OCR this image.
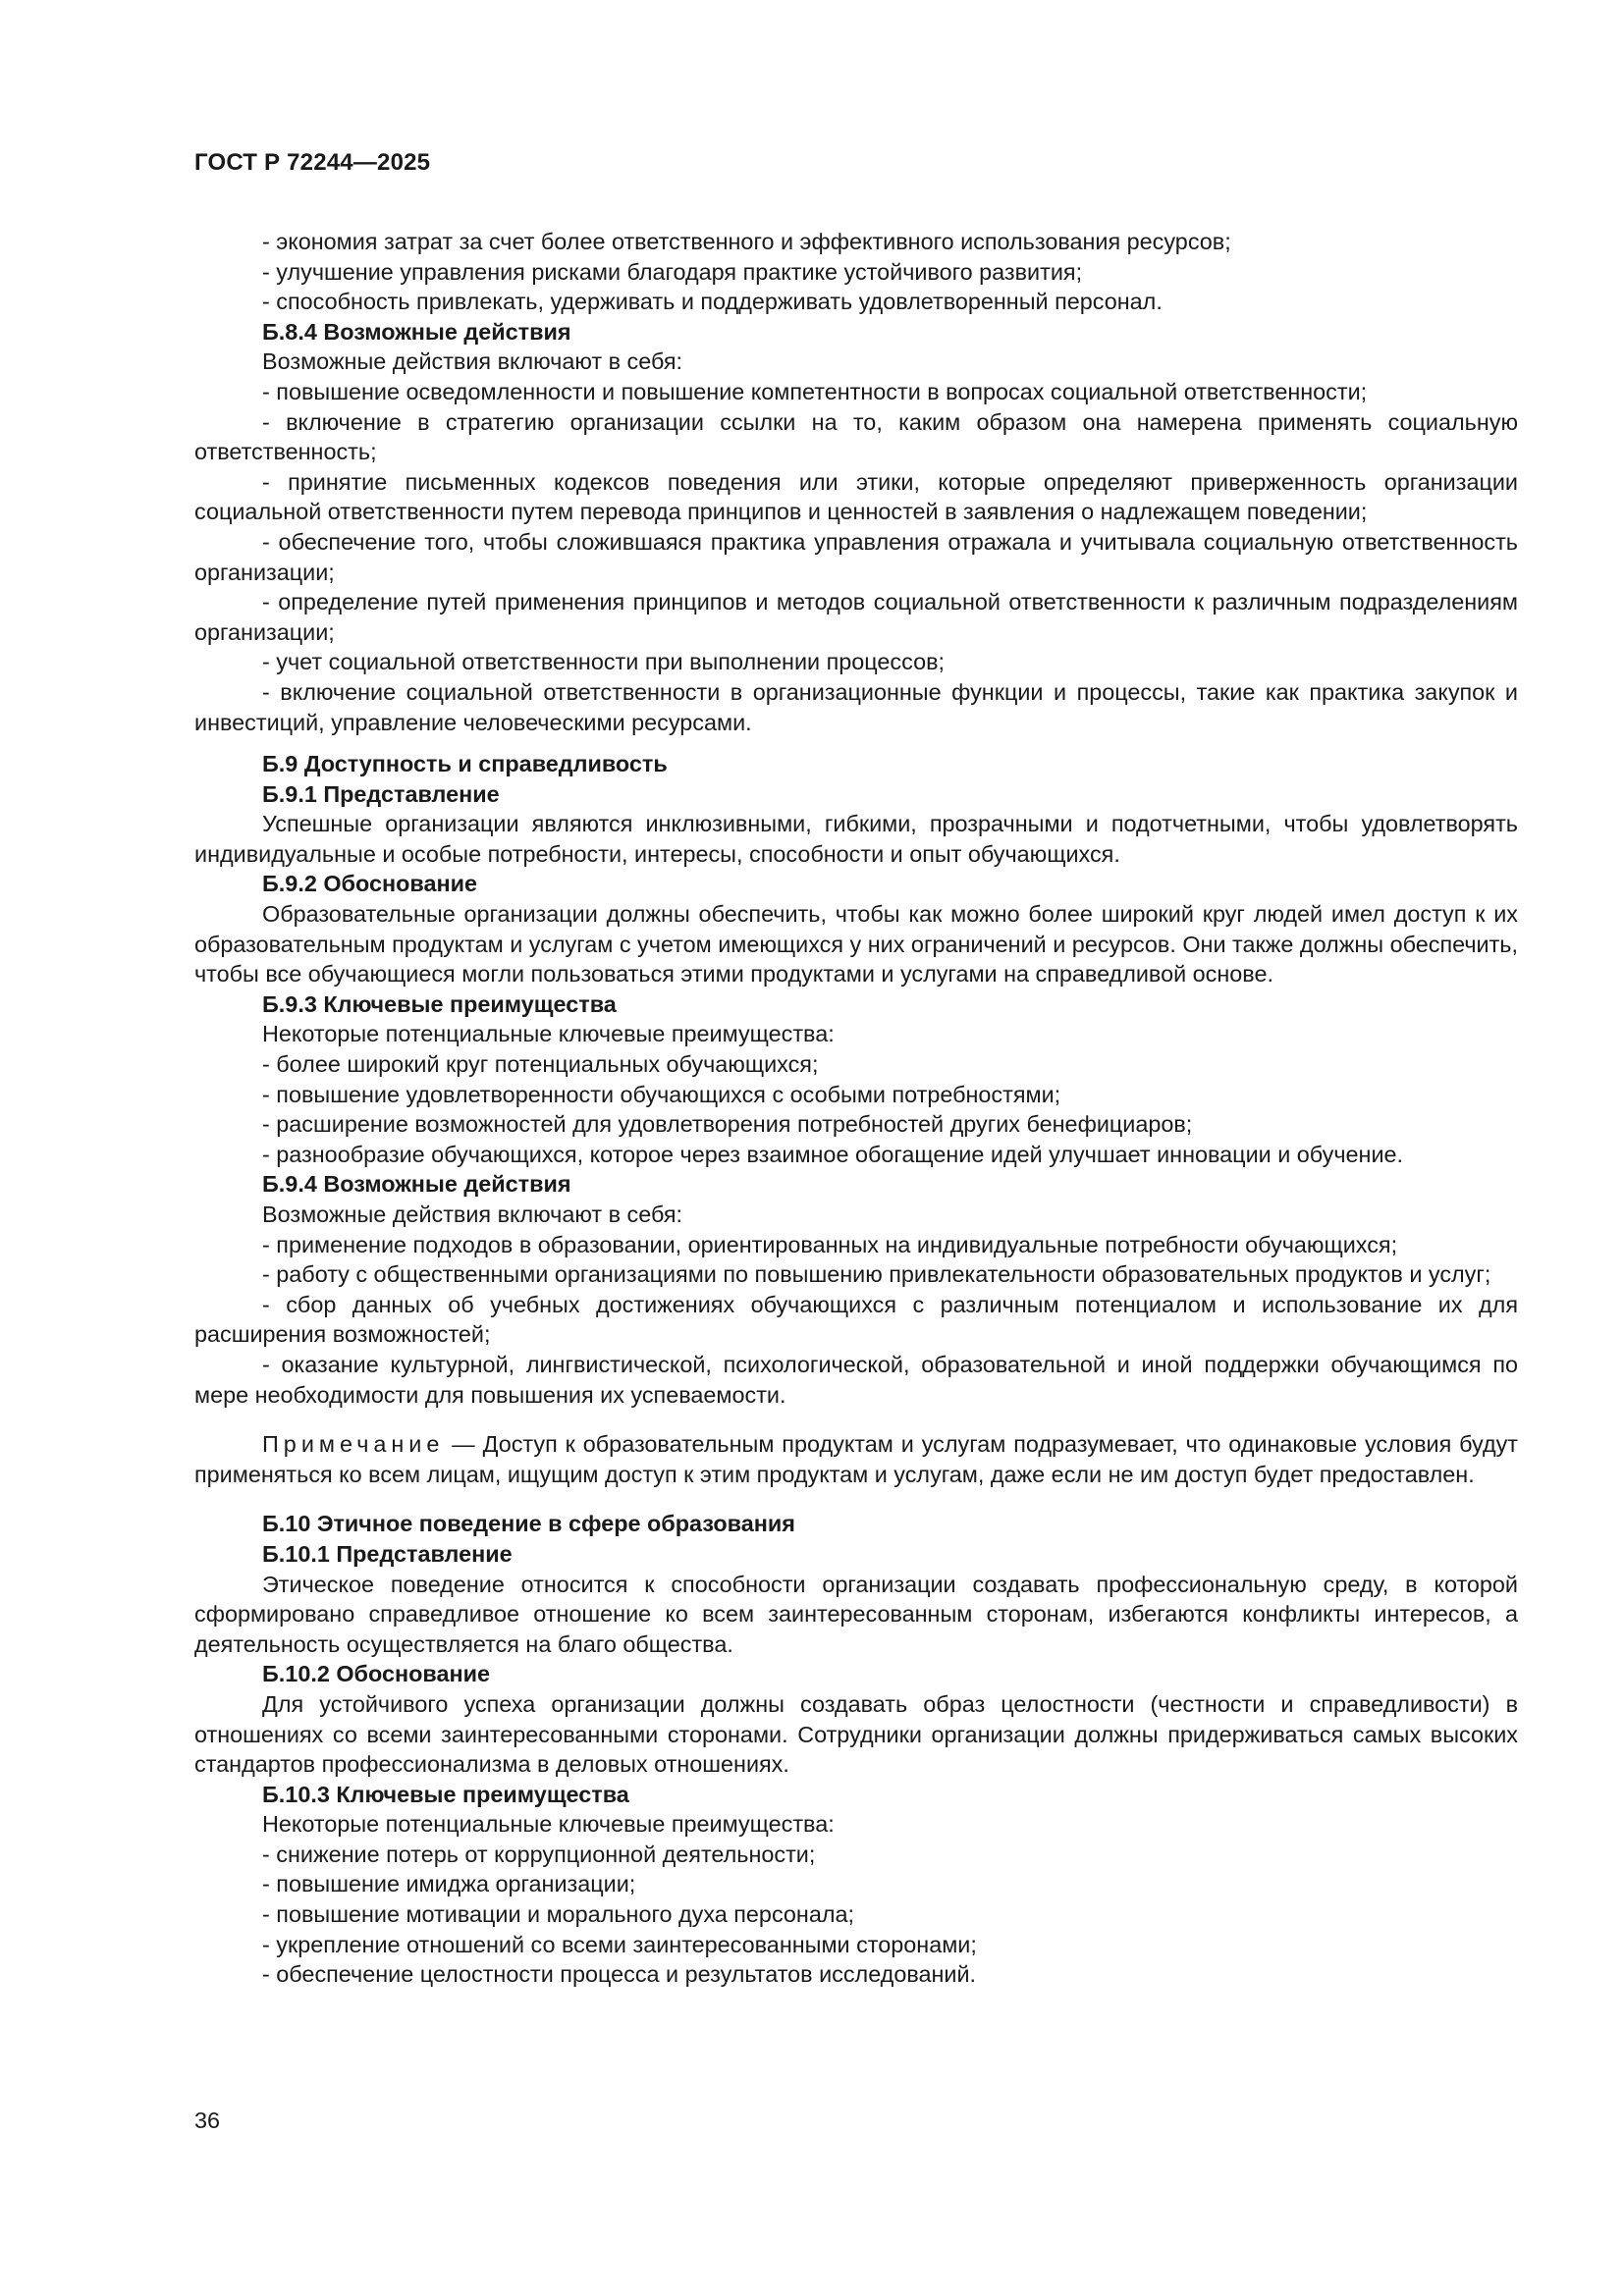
ГОСТ Р 72244—2025

- экономия затрат за счет более ответственного и эффективного использования ресурсов;

- улучшение управления рисками благодаря практике устойчивого развития;

- способность привлекать, удерживать и поддерживать удовлетворенный персонал.

Б.8.4 Возможные действия

Возможные действия включают в себя:

- повышение осведомленности и повышение компетентности в вопросах социальной ответственности;

- включение в стратегию организации ссылки на то, каким образом она намерена применять социальную ответственность;

- принятие письменных кодексов поведения или этики, которые определяют приверженность организации социальной ответственности путем перевода принципов и ценностей в заявления о надлежащем поведении;

- обеспечение того, чтобы сложившаяся практика управления отражала и учитывала социальную ответственность организации;

- определение путей применения принципов и методов социальной ответственности к различным подразделениям организации;

- учет социальной ответственности при выполнении процессов;

- включение социальной ответственности в организационные функции и процессы, такие как практика закупок и инвестиций, управление человеческими ресурсами.

Б.9 Доступность и справедливость
Б.9.1 Представление

Успешные организации являются инклюзивными, гибкими, прозрачными и подотчетными, чтобы удовлетворять индивидуальные и особые потребности, интересы, способности и опыт обучающихся.

Б.9.2 Обоснование

Образовательные организации должны обеспечить, чтобы как можно более широкий круг людей имел доступ к их образовательным продуктам и услугам с учетом имеющихся у них ограничений и ресурсов. Они также должны обеспечить, чтобы все обучающиеся могли пользоваться этими продуктами и услугами на справедливой основе.

Б.9.3 Ключевые преимущества

Некоторые потенциальные ключевые преимущества:

- более широкий круг потенциальных обучающихся;

- повышение удовлетворенности обучающихся с особыми потребностями;

- расширение возможностей для удовлетворения потребностей других бенефициаров;

- разнообразие обучающихся, которое через взаимное обогащение идей улучшает инновации и обучение.

Б.9.4 Возможные действия

Возможные действия включают в себя:

- применение подходов в образовании, ориентированных на индивидуальные потребности обучающихся;

- работу с общественными организациями по повышению привлекательности образовательных продуктов и услуг;

- сбор данных об учебных достижениях обучающихся с различным потенциалом и использование их для расширения возможностей;

- оказание культурной, лингвистической, психологической, образовательной и иной поддержки обучающимся по мере необходимости для повышения их успеваемости.

Примечание — Доступ к образовательным продуктам и услугам подразумевает, что одинаковые условия будут применяться ко всем лицам, ищущим доступ к этим продуктам и услугам, даже если не им доступ будет предоставлен.

Б.10 Этичное поведение в сфере образования
Б.10.1 Представление

Этическое поведение относится к способности организации создавать профессиональную среду, в которой сформировано справедливое отношение ко всем заинтересованным сторонам, избегаются конфликты интересов, а деятельность осуществляется на благо общества.

Б.10.2 Обоснование

Для устойчивого успеха организации должны создавать образ целостности (честности и справедливости) в отношениях со всеми заинтересованными сторонами. Сотрудники организации должны придерживаться самых высоких стандартов профессионализма в деловых отношениях.

Б.10.3 Ключевые преимущества

Некоторые потенциальные ключевые преимущества:

- снижение потерь от коррупционной деятельности;

- повышение имиджа организации;

- повышение мотивации и морального духа персонала;

- укрепление отношений со всеми заинтересованными сторонами;

- обеспечение целостности процесса и результатов исследований.

36
